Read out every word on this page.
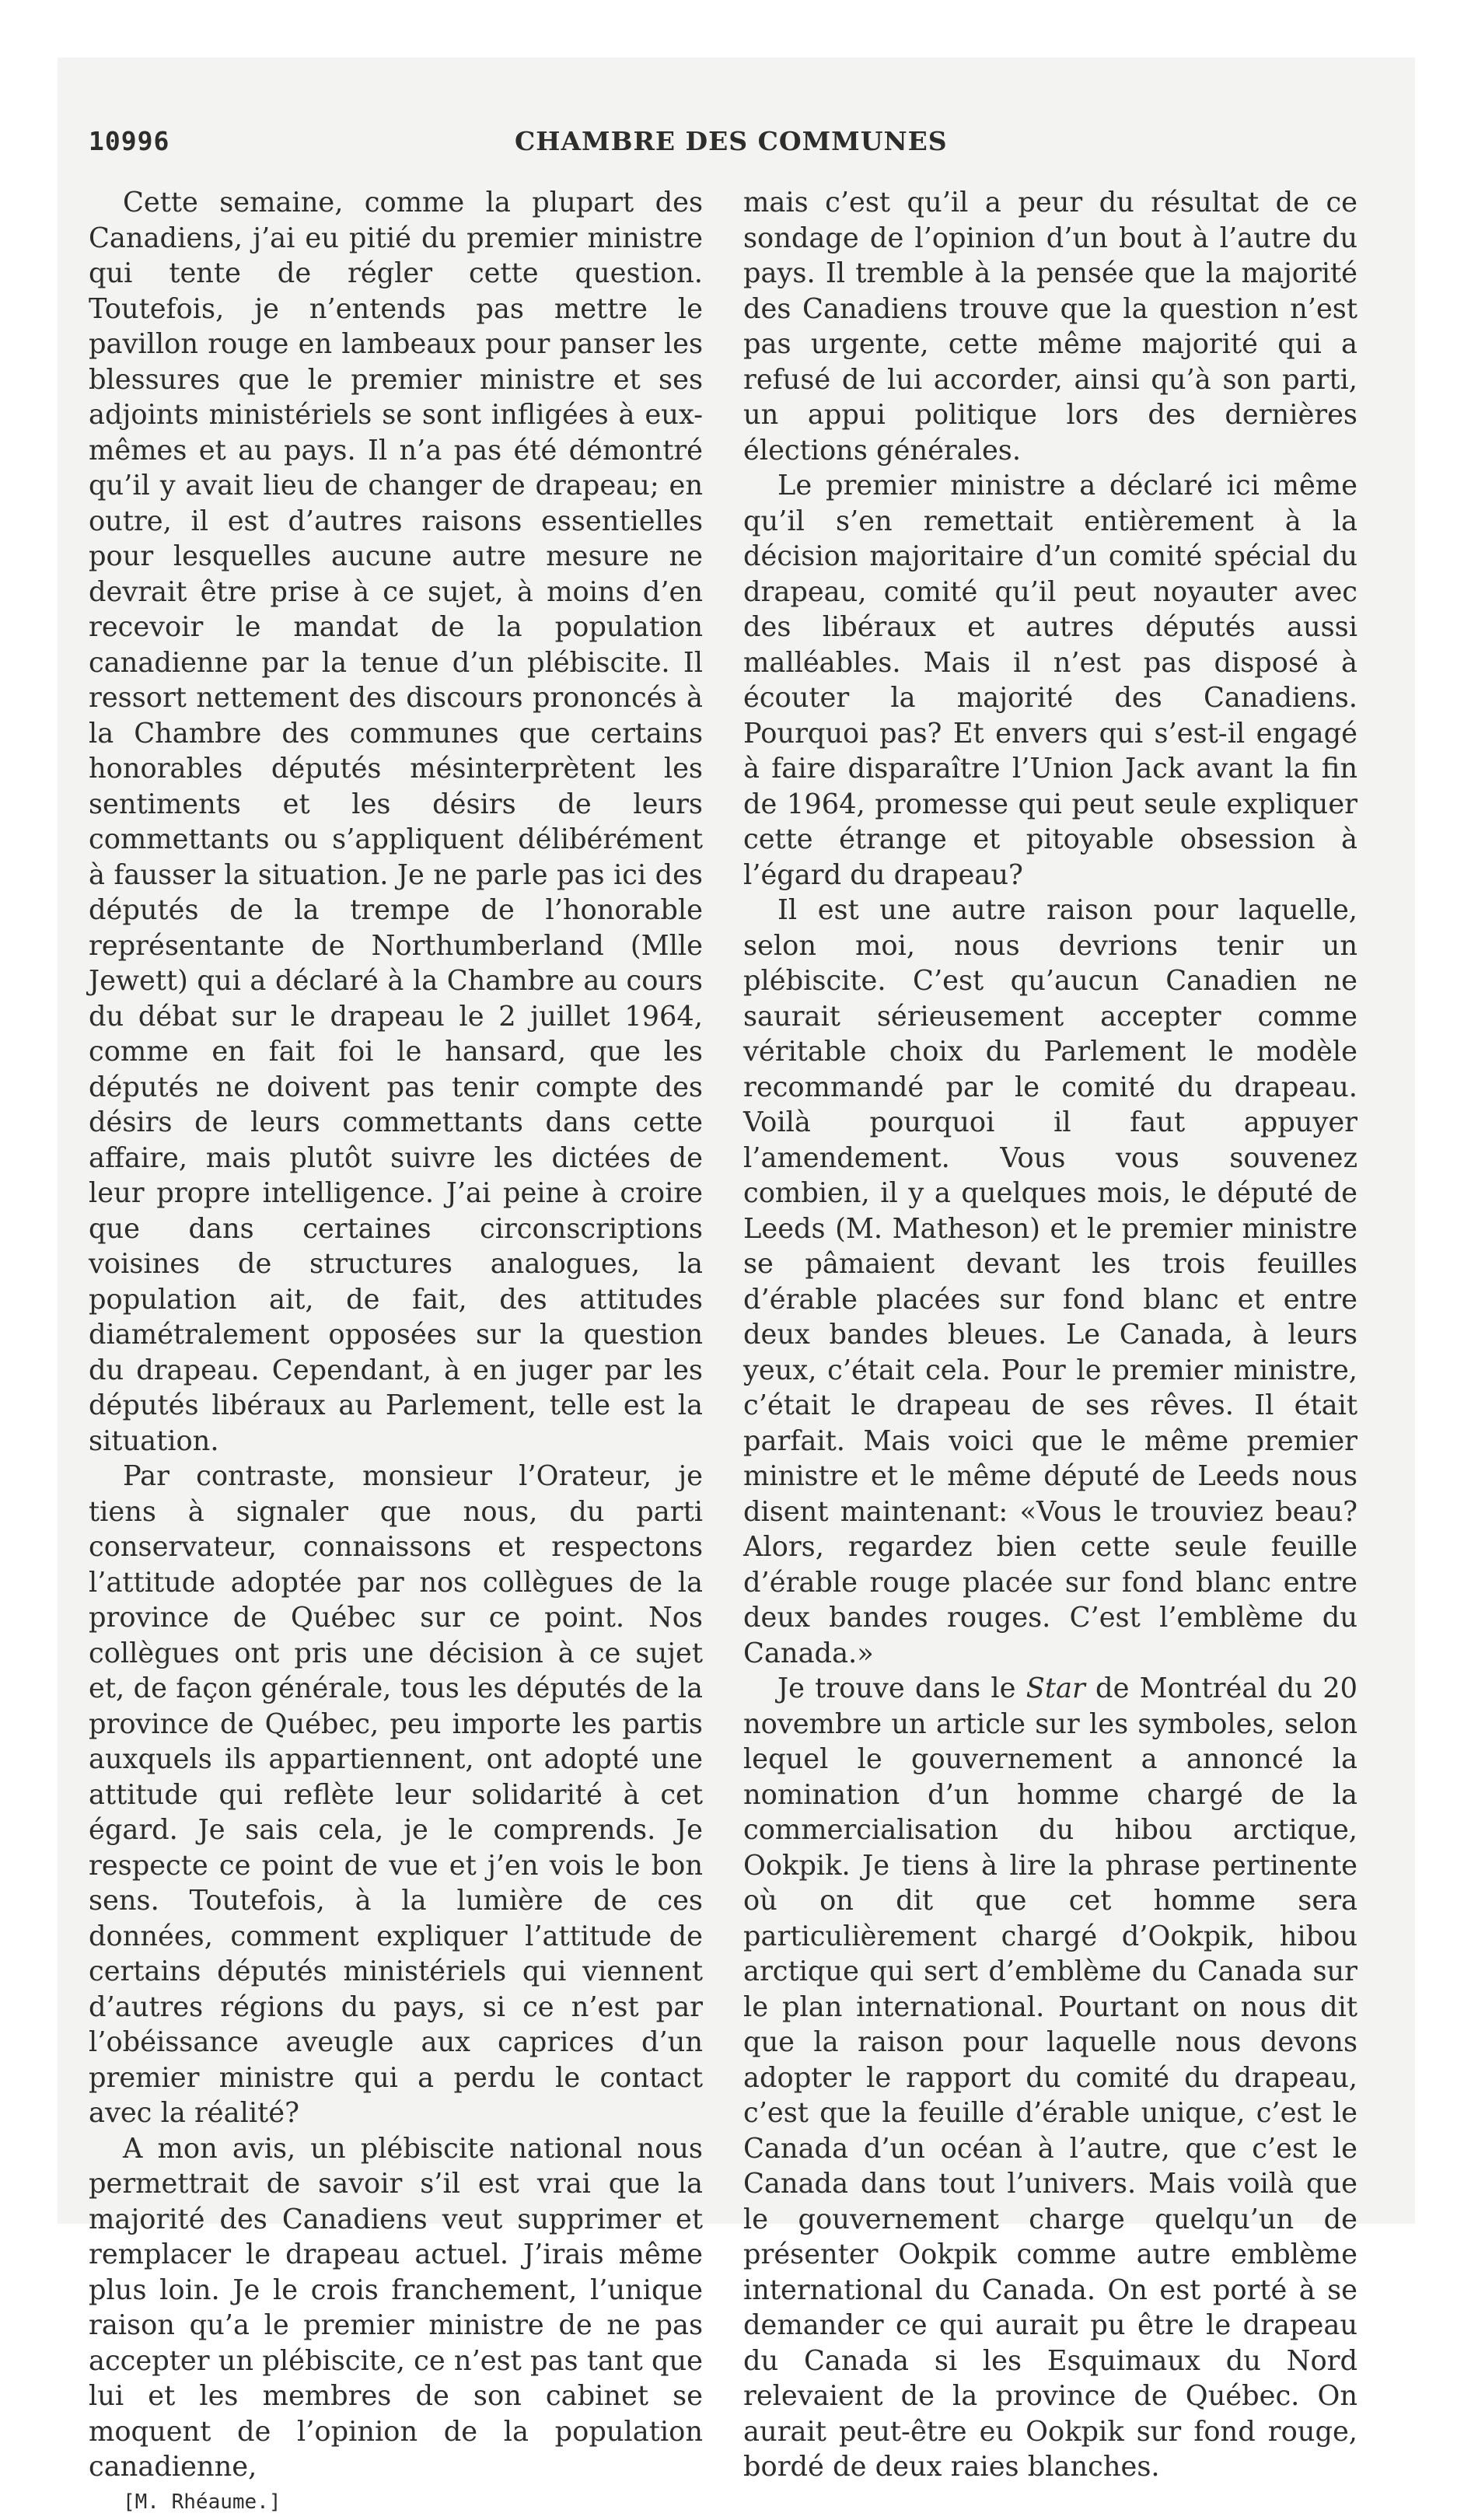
10996	CHAMBRE DES COMMUNES

Cette semaine, comme la plupart des Canadiens, j’ai eu pitié du premier ministre qui tente de régler cette question. Toutefois, je n’entends pas mettre le pavillon rouge en lambeaux pour panser les blessures que le premier ministre et ses adjoints ministériels se sont infligées à eux-mêmes et au pays. Il n’a pas été démontré qu’il y avait lieu de changer de drapeau; en outre, il est d’autres raisons essentielles pour lesquelles aucune autre mesure ne devrait être prise à ce sujet, à moins d’en recevoir le mandat de la population canadienne par la tenue d’un plébiscite. Il ressort nettement des discours prononcés à la Chambre des communes que certains honorables députés mésinterprètent les sentiments et les désirs de leurs commettants ou s’appliquent délibérément à fausser la situation. Je ne parle pas ici des députés de la trempe de l’honorable représentante de Northumberland (Mlle Jewett) qui a déclaré à la Chambre au cours du débat sur le drapeau le 2 juillet 1964, comme en fait foi le hansard, que les députés ne doivent pas tenir compte des désirs de leurs commettants dans cette affaire, mais plutôt suivre les dictées de leur propre intelligence. J’ai peine à croire que dans certaines circonscriptions voisines de structures analogues, la population ait, de fait, des attitudes diamétralement opposées sur la question du drapeau. Cependant, à en juger par les députés libéraux au Parlement, telle est la situation.

Par contraste, monsieur l’Orateur, je tiens à signaler que nous, du parti conservateur, connaissons et respectons l’attitude adoptée par nos collègues de la province de Québec sur ce point. Nos collègues ont pris une décision à ce sujet et, de façon générale, tous les députés de la province de Québec, peu importe les partis auxquels ils appartiennent, ont adopté une attitude qui reflète leur solidarité à cet égard. Je sais cela, je le comprends. Je respecte ce point de vue et j’en vois le bon sens. Toutefois, à la lumière de ces données, comment expliquer l’attitude de certains députés ministériels qui viennent d’autres régions du pays, si ce n’est par l’obéissance aveugle aux caprices d’un premier ministre qui a perdu le contact avec la réalité?

A mon avis, un plébiscite national nous permettrait de savoir s’il est vrai que la majorité des Canadiens veut supprimer et remplacer le drapeau actuel. J’irais même plus loin. Je le crois franchement, l’unique raison qu’a le premier ministre de ne pas accepter un plébiscite, ce n’est pas tant que lui et les membres de son cabinet se moquent de l’opinion de la population canadienne,

[M. Rhéaume.]

mais c’est qu’il a peur du résultat de ce sondage de l’opinion d’un bout à l’autre du pays. Il tremble à la pensée que la majorité des Canadiens trouve que la question n’est pas urgente, cette même majorité qui a refusé de lui accorder, ainsi qu’à son parti, un appui politique lors des dernières élections générales.

Le premier ministre a déclaré ici même qu’il s’en remettait entièrement à la décision majoritaire d’un comité spécial du drapeau, comité qu’il peut noyauter avec des libéraux et autres députés aussi malléables. Mais il n’est pas disposé à écouter la majorité des Canadiens. Pourquoi pas? Et envers qui s’est-il engagé à faire disparaître l’Union Jack avant la fin de 1964, promesse qui peut seule expliquer cette étrange et pitoyable obsession à l’égard du drapeau?

Il est une autre raison pour laquelle, selon moi, nous devrions tenir un plébiscite. C’est qu’aucun Canadien ne saurait sérieusement accepter comme véritable choix du Parlement le modèle recommandé par le comité du drapeau. Voilà pourquoi il faut appuyer l’amendement. Vous vous souvenez combien, il y a quelques mois, le député de Leeds (M. Matheson) et le premier ministre se pâmaient devant les trois feuilles d’érable placées sur fond blanc et entre deux bandes bleues. Le Canada, à leurs yeux, c’était cela. Pour le premier ministre, c’était le drapeau de ses rêves. Il était parfait. Mais voici que le même premier ministre et le même député de Leeds nous disent maintenant: «Vous le trouviez beau? Alors, regardez bien cette seule feuille d’érable rouge placée sur fond blanc entre deux bandes rouges. C’est l’emblème du Canada.»

Je trouve dans le Star de Montréal du 20 novembre un article sur les symboles, selon lequel le gouvernement a annoncé la nomination d’un homme chargé de la commercialisation du hibou arctique, Ookpik. Je tiens à lire la phrase pertinente où on dit que cet homme sera particulièrement chargé d’Ookpik, hibou arctique qui sert d’emblème du Canada sur le plan international. Pourtant on nous dit que la raison pour laquelle nous devons adopter le rapport du comité du drapeau, c’est que la feuille d’érable unique, c’est le Canada d’un océan à l’autre, que c’est le Canada dans tout l’univers. Mais voilà que le gouvernement charge quelqu’un de présenter Ookpik comme autre emblème international du Canada. On est porté à se demander ce qui aurait pu être le drapeau du Canada si les Esquimaux du Nord relevaient de la province de Québec. On aurait peut-être eu Ookpik sur fond rouge, bordé de deux raies blanches.
